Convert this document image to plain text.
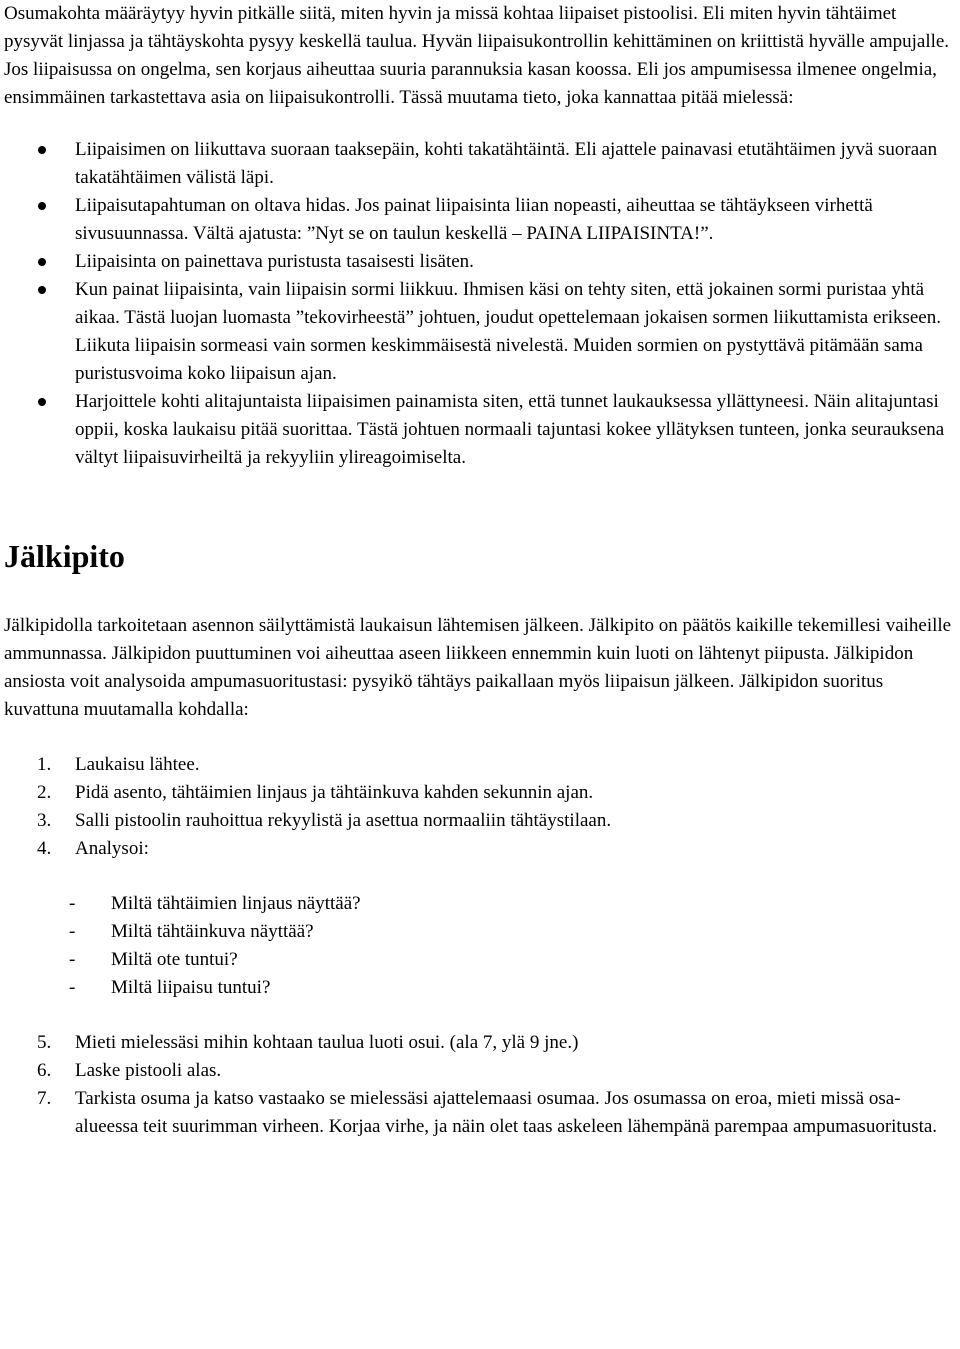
Osumakohta määräytyy hyvin pitkälle siitä, miten hyvin ja missä kohtaa liipaiset pistoolisi. Eli miten hyvin tähtäimet pysyvät linjassa ja tähtäyskohta pysyy keskellä taulua. Hyvän liipaisukontrollin kehittäminen on kriittistä hyvälle ampujalle. Jos liipaisussa on ongelma, sen korjaus aiheuttaa suuria parannuksia kasan koossa. Eli jos ampumisessa ilmenee ongelmia, ensimmäinen tarkastettava asia on liipaisukontrolli. Tässä muutama tieto, joka kannattaa pitää mielessä:

Liipaisimen on liikuttava suoraan taaksepäin, kohti takatähtäintä. Eli ajattele painavasi etutähtäimen jyvä suoraan takatähtäimen välistä läpi.
Liipaisutapahtuman on oltava hidas. Jos painat liipaisinta liian nopeasti, aiheuttaa se tähtäykseen virhettä sivusuunnassa. Vältä ajatusta: ”Nyt se on taulun keskellä – PAINA LIIPAISINTA!”.
Liipaisinta on painettava puristusta tasaisesti lisäten.
Kun painat liipaisinta, vain liipaisin sormi liikkuu. Ihmisen käsi on tehty siten, että jokainen sormi puristaa yhtä aikaa. Tästä luojan luomasta ”tekovirheestä” johtuen, joudut opettelemaan jokaisen sormen liikuttamista erikseen. Liikuta liipaisin sormeasi vain sormen keskimmäisestä nivelestä. Muiden sormien on pystyttävä pitämään sama puristusvoima koko liipaisun ajan.
Harjoittele kohti alitajuntaista liipaisimen painamista siten, että tunnet laukauksessa yllättyneesi. Näin alitajuntasi oppii, koska laukaisu pitää suorittaa. Tästä johtuen normaali tajuntasi kokee yllätyksen tunteen, jonka seurauksena vältyt liipaisuvirheiltä ja rekyyliin ylireagoimiselta.
Jälkipito

Jälkipidolla tarkoitetaan asennon säilyttämistä laukaisun lähtemisen jälkeen. Jälkipito on päätös kaikille tekemillesi vaiheille ammunnassa. Jälkipidon puuttuminen voi aiheuttaa aseen liikkeen ennemmin kuin luoti on lähtenyt piipusta. Jälkipidon ansiosta voit analysoida ampumasuoritustasi: pysyikö tähtäys paikallaan myös liipaisun jälkeen. Jälkipidon suoritus kuvattuna muutamalla kohdalla:

1. Laukaisu lähtee.
2. Pidä asento, tähtäimien linjaus ja tähtäinkuva kahden sekunnin ajan.
3. Salli pistoolin rauhoittua rekyylistä ja asettua normaaliin tähtäystilaan.
4. Analysoi:
- Miltä tähtäimien linjaus näyttää?
- Miltä tähtäinkuva näyttää?
- Miltä ote tuntui?
- Miltä liipaisu tuntui?
5. Mieti mielessäsi mihin kohtaan taulua luoti osui. (ala 7, ylä 9 jne.)
6. Laske pistooli alas.
7. Tarkista osuma ja katso vastaako se mielessäsi ajattelemaasi osumaa. Jos osumassa on eroa, mieti missä osa-alueessa teit suurimman virheen. Korjaa virhe, ja näin olet taas askeleen lähempänä parempaa ampumasuoritusta.
